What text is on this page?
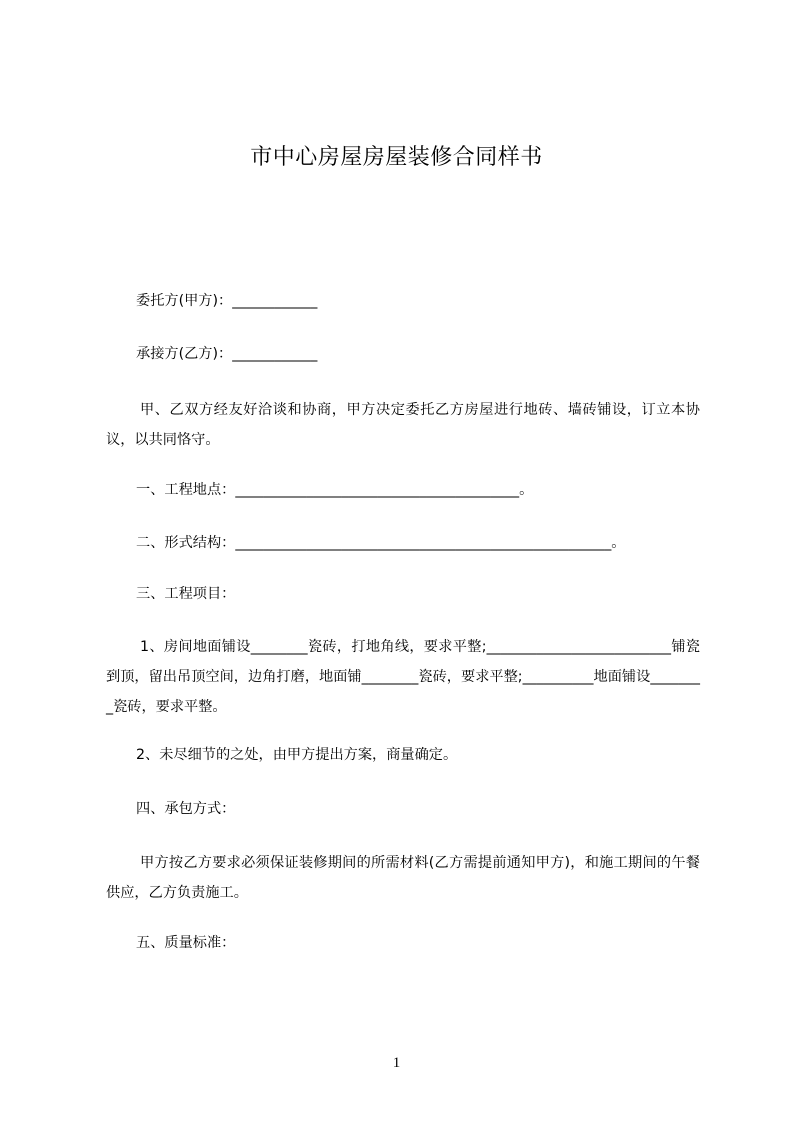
市中心房屋房屋装修合同样书
委托方(甲方)：____________
承接方(乙方)：____________
甲、乙双方经友好洽谈和协商，甲方决定委托乙方房屋进行地砖、墙砖铺设，订立本协议，以共同恪守。
一、工程地点：________________________________________。
二、形式结构：_____________________________________________________。
三、工程项目：
1、房间地面铺设________瓷砖，打地角线，要求平整;__________________________铺瓷到顶，留出吊顶空间，边角打磨，地面铺________瓷砖，要求平整;__________地面铺设________瓷砖，要求平整。
2、未尽细节的之处，由甲方提出方案，商量确定。
四、承包方式：
甲方按乙方要求必须保证装修期间的所需材料(乙方需提前通知甲方)，和施工期间的午餐供应，乙方负责施工。
五、质量标准：
1
